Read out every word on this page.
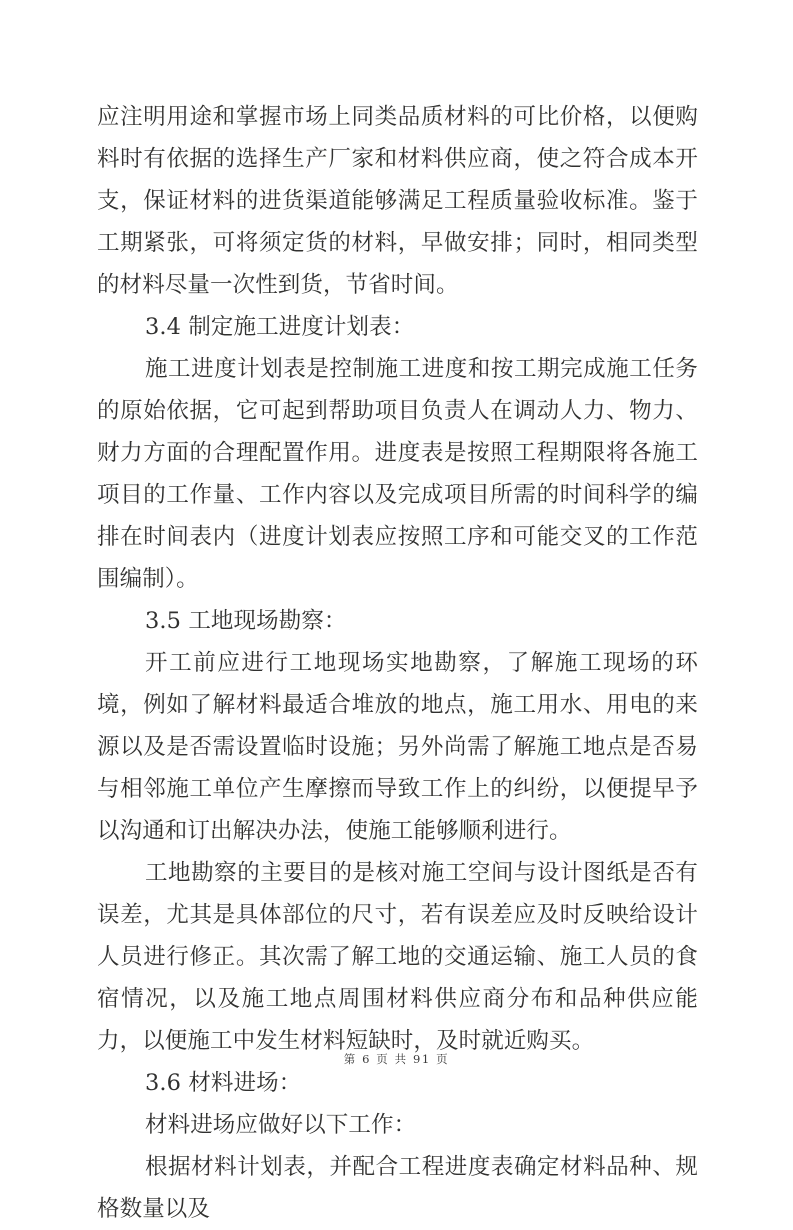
应注明用途和掌握市场上同类品质材料的可比价格，以便购料时有依据的选择生产厂家和材料供应商，使之符合成本开支，保证材料的进货渠道能够满足工程质量验收标准。鉴于工期紧张，可将须定货的材料，早做安排；同时，相同类型的材料尽量一次性到货，节省时间。

3.4 制定施工进度计划表：

施工进度计划表是控制施工进度和按工期完成施工任务的原始依据，它可起到帮助项目负责人在调动人力、物力、财力方面的合理配置作用。进度表是按照工程期限将各施工项目的工作量、工作内容以及完成项目所需的时间科学的编排在时间表内（进度计划表应按照工序和可能交叉的工作范围编制）。

3.5 工地现场勘察：

开工前应进行工地现场实地勘察，了解施工现场的环境，例如了解材料最适合堆放的地点，施工用水、用电的来源以及是否需设置临时设施；另外尚需了解施工地点是否易与相邻施工单位产生摩擦而导致工作上的纠纷，以便提早予以沟通和订出解决办法，使施工能够顺利进行。

工地勘察的主要目的是核对施工空间与设计图纸是否有误差，尤其是具体部位的尺寸，若有误差应及时反映给设计人员进行修正。其次需了解工地的交通运输、施工人员的食宿情况，以及施工地点周围材料供应商分布和品种供应能力，以便施工中发生材料短缺时，及时就近购买。

3.6 材料进场：

材料进场应做好以下工作：

根据材料计划表，并配合工程进度表确定材料品种、规格数量以及

第 6 页 共 91 页
